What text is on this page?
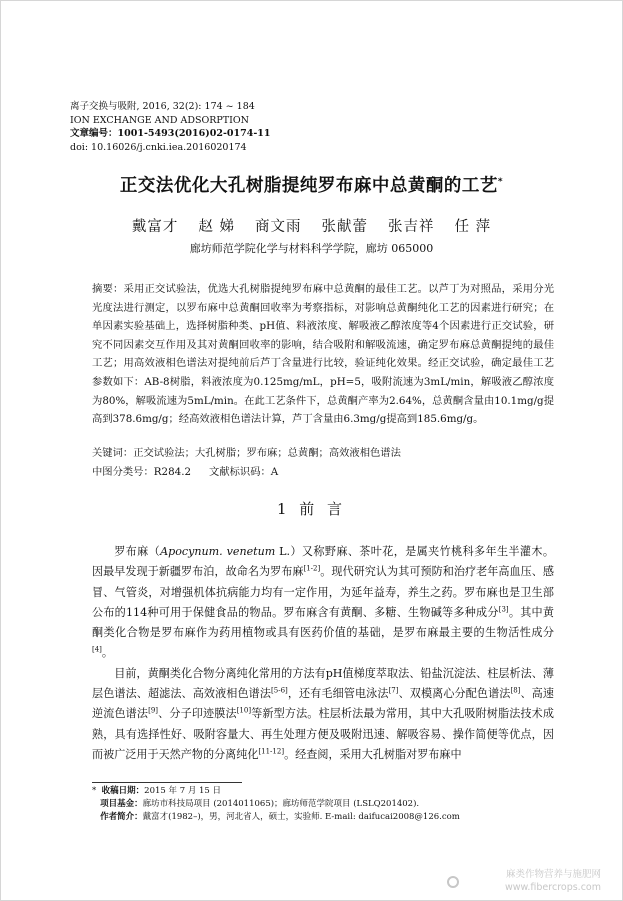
离子交换与吸附, 2016, 32(2): 174 ~ 184
ION EXCHANGE AND ADSORPTION
文章编号：1001-5493(2016)02-0174-11
doi: 10.16026/j.cnki.iea.2016020174
正交法优化大孔树脂提纯罗布麻中总黄酮的工艺*
戴富才 赵 娣 商文雨 张献蕾 张吉祥 任 萍
廊坊师范学院化学与材料科学学院，廊坊 065000
摘要：采用正交试验法，优选大孔树脂提纯罗布麻中总黄酮的最佳工艺。以芦丁为对照品，采用分光光度法进行测定，以罗布麻中总黄酮回收率为考察指标，对影响总黄酮纯化工艺的因素进行研究；在单因素实验基础上，选择树脂种类、pH值、料液浓度、解吸液乙醇浓度等4个因素进行正交试验，研究不同因素交互作用及其对黄酮回收率的影响，结合吸附和解吸流速，确定罗布麻总黄酮提纯的最佳工艺；用高效液相色谱法对提纯前后芦丁含量进行比较，验证纯化效果。经正交试验，确定最佳工艺参数如下：AB-8树脂，料液浓度为0.125mg/mL，pH=5，吸附流速为3mL/min，解吸液乙醇浓度为80%，解吸流速为5mL/min。在此工艺条件下，总黄酮产率为2.64%，总黄酮含量由10.1mg/g提高到378.6mg/g；经高效液相色谱法计算，芦丁含量由6.3mg/g提高到185.6mg/g。
关键词：正交试验法；大孔树脂；罗布麻；总黄酮；高效液相色谱法
中图分类号：R284.2 文献标识码：A
1 前 言

罗布麻（Apocynum. venetum L.）又称野麻、茶叶花，是属夹竹桃科多年生半灌木。因最早发现于新疆罗布泊，故命名为罗布麻[1-2]。现代研究认为其可预防和治疗老年高血压、感冒、气管炎，对增强机体抗病能力均有一定作用，为延年益寿，养生之药。罗布麻也是卫生部公布的114种可用于保健食品的物品。罗布麻含有黄酮、多糖、生物碱等多种成分[3]。其中黄酮类化合物是罗布麻作为药用植物或具有医药价值的基础，是罗布麻最主要的生物活性成分[4]。

目前，黄酮类化合物分离纯化常用的方法有pH值梯度萃取法、铅盐沉淀法、柱层析法、薄层色谱法、超滤法、高效液相色谱法[5-6]，还有毛细管电泳法[7]、双模离心分配色谱法[8]、高速逆流色谱法[9]、分子印迹膜法[10]等新型方法。柱层析法最为常用，其中大孔吸附树脂法技术成熟，具有选择性好、吸附容量大、再生处理方便及吸附迅速、解吸容易、操作简便等优点，因而被广泛用于天然产物的分离纯化[11-12]。经查阅，采用大孔树脂对罗布麻中

* 收稿日期：2015 年 7 月 15 日
项目基金：廊坊市科技局项目 (2014011065)；廊坊师范学院项目 (LSLQ201402).
作者简介：戴富才(1982–)，男，河北省人，硕士，实验师. E-mail: daifucai2008@126.com
麻类作物营养与施肥网
www.fibercrops.com
